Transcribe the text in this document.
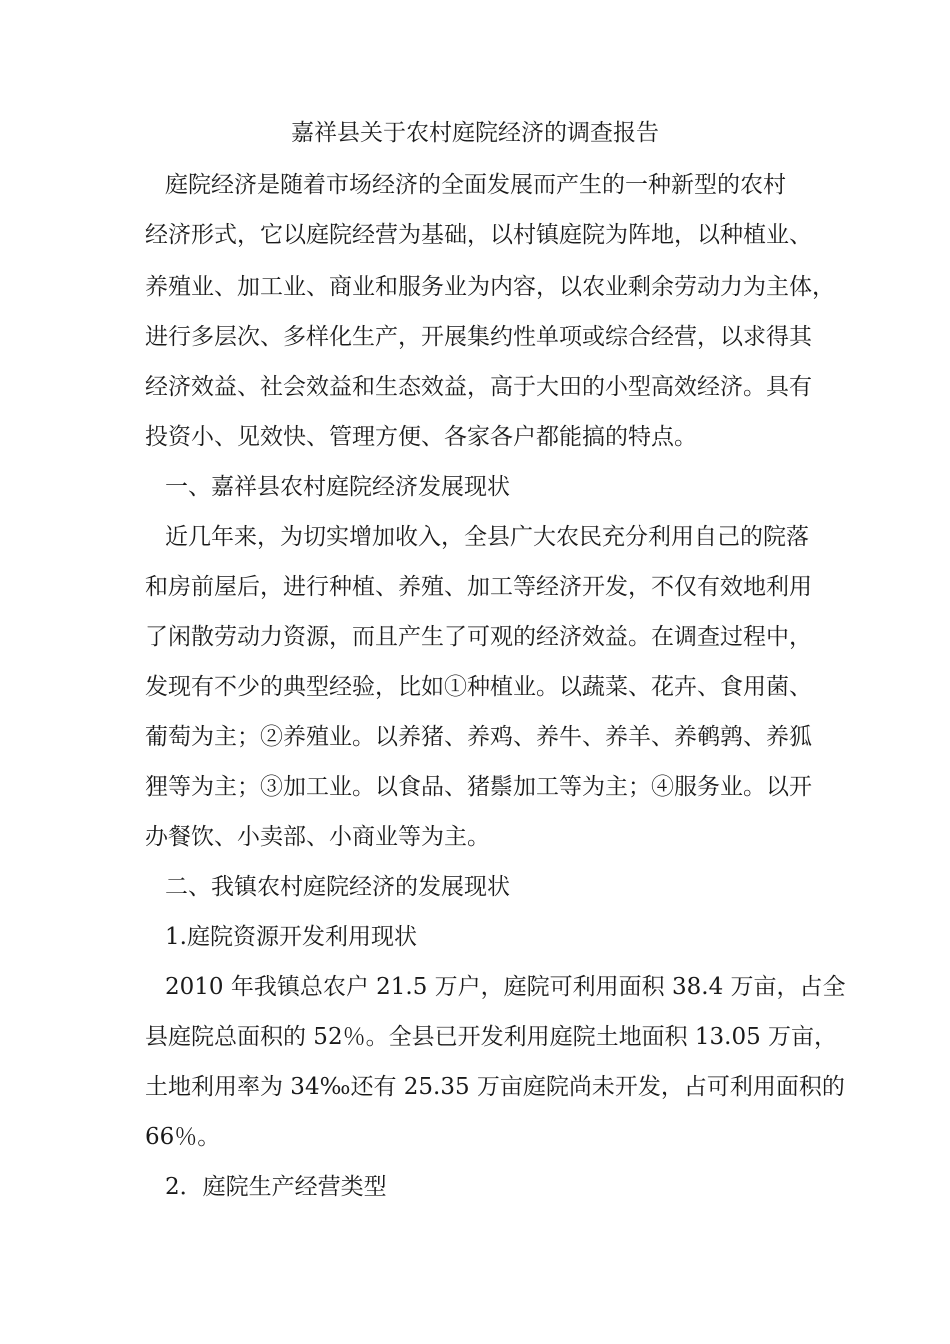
嘉祥县关于农村庭院经济的调查报告
庭院经济是随着市场经济的全面发展而产生的一种新型的农村
经济形式，它以庭院经营为基础，以村镇庭院为阵地，以种植业、
养殖业、加工业、商业和服务业为内容，以农业剩余劳动力为主体，
进行多层次、多样化生产，开展集约性单项或综合经营，以求得其
经济效益、社会效益和生态效益，高于大田的小型高效经济。具有
投资小、见效快、管理方便、各家各户都能搞的特点。
一、嘉祥县农村庭院经济发展现状
近几年来，为切实增加收入，全县广大农民充分利用自己的院落
和房前屋后，进行种植、养殖、加工等经济开发，不仅有效地利用
了闲散劳动力资源，而且产生了可观的经济效益。在调查过程中，
发现有不少的典型经验，比如①种植业。以蔬菜、花卉、食用菌、
葡萄为主；②养殖业。以养猪、养鸡、养牛、养羊、养鹌鹑、养狐
狸等为主；③加工业。以食品、猪鬃加工等为主；④服务业。以开
办餐饮、小卖部、小商业等为主。
二、我镇农村庭院经济的发展现状
1.庭院资源开发利用现状
2010 年我镇总农户 21.5 万户，庭院可利用面积 38.4 万亩，占全
县庭院总面积的 52％。全县已开发利用庭院土地面积 13.05 万亩，
土地利用率为 34‰还有 25.35 万亩庭院尚未开发，占可利用面积的
66％。
2．庭院生产经营类型
